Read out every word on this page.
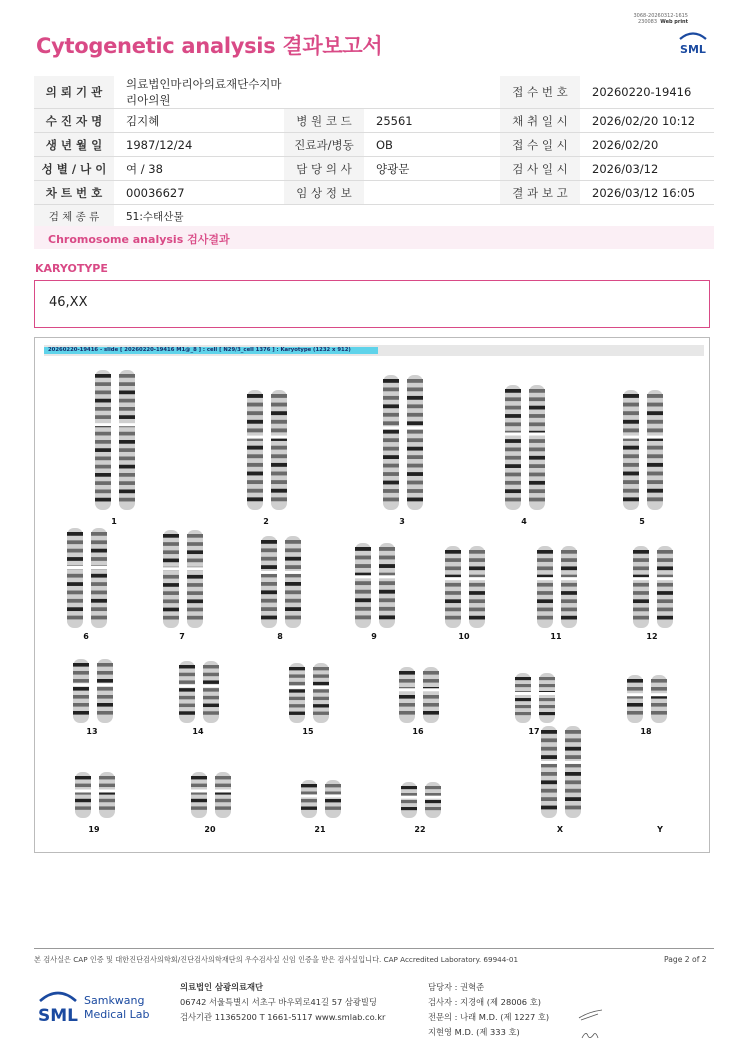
3068-20260312-1615
230083 Web print
Cytogenetic analysis 결과보고서	SML
의 뢰 기 관	의료법인마리아의료재단수지마리아의원			접 수 번 호	20260220-19416
수 진 자 명	김지혜	병 원 코 드	25561	채 취 일 시	2026/02/20 10:12
생 년 월 일	1987/12/24	진료과/병동	OB	접 수 일 시	2026/02/20
성 별 / 나 이	여 / 38	담 당 의 사	양광문	검 사 일 시	2026/03/12
차 트 번 호	00036627	임 상 정 보		결 과 보 고	2026/03/12 16:05
검 체 종 류	51:수태산물				
Chromosome analysis 검사결과
KARYOTYPE
46,XX
20260220-19416 - slide [ 20260220-19416 M1@_8 ] : cell [ N29/3_cell 1376 ] : Karyotype (1232 x 912)
1	2	3	4	5
6	7	8	9	10	11	12
13	14	15	16	17	18
19	20	21	22	X	Y
본 검사실은 CAP 인증 및 대한진단검사의학회/진단검사의학재단의 우수검사실 신임 인증을 받은 검사실입니다. CAP Accredited Laboratory. 69944-01	Page 2 of 2
SML
Samkwang
Medical Lab
의료법인 삼광의료재단
06742 서울특별시 서초구 바우뫼로41길 57 삼광빌딩
검사기관 11365200 T 1661-5117 www.smlab.co.kr
담당자 : 권혁준
검사자 : 지경애 (제 28006 호)
전문의 : 나래 M.D. (제 1227 호)
지현영 M.D. (제 333 호)
